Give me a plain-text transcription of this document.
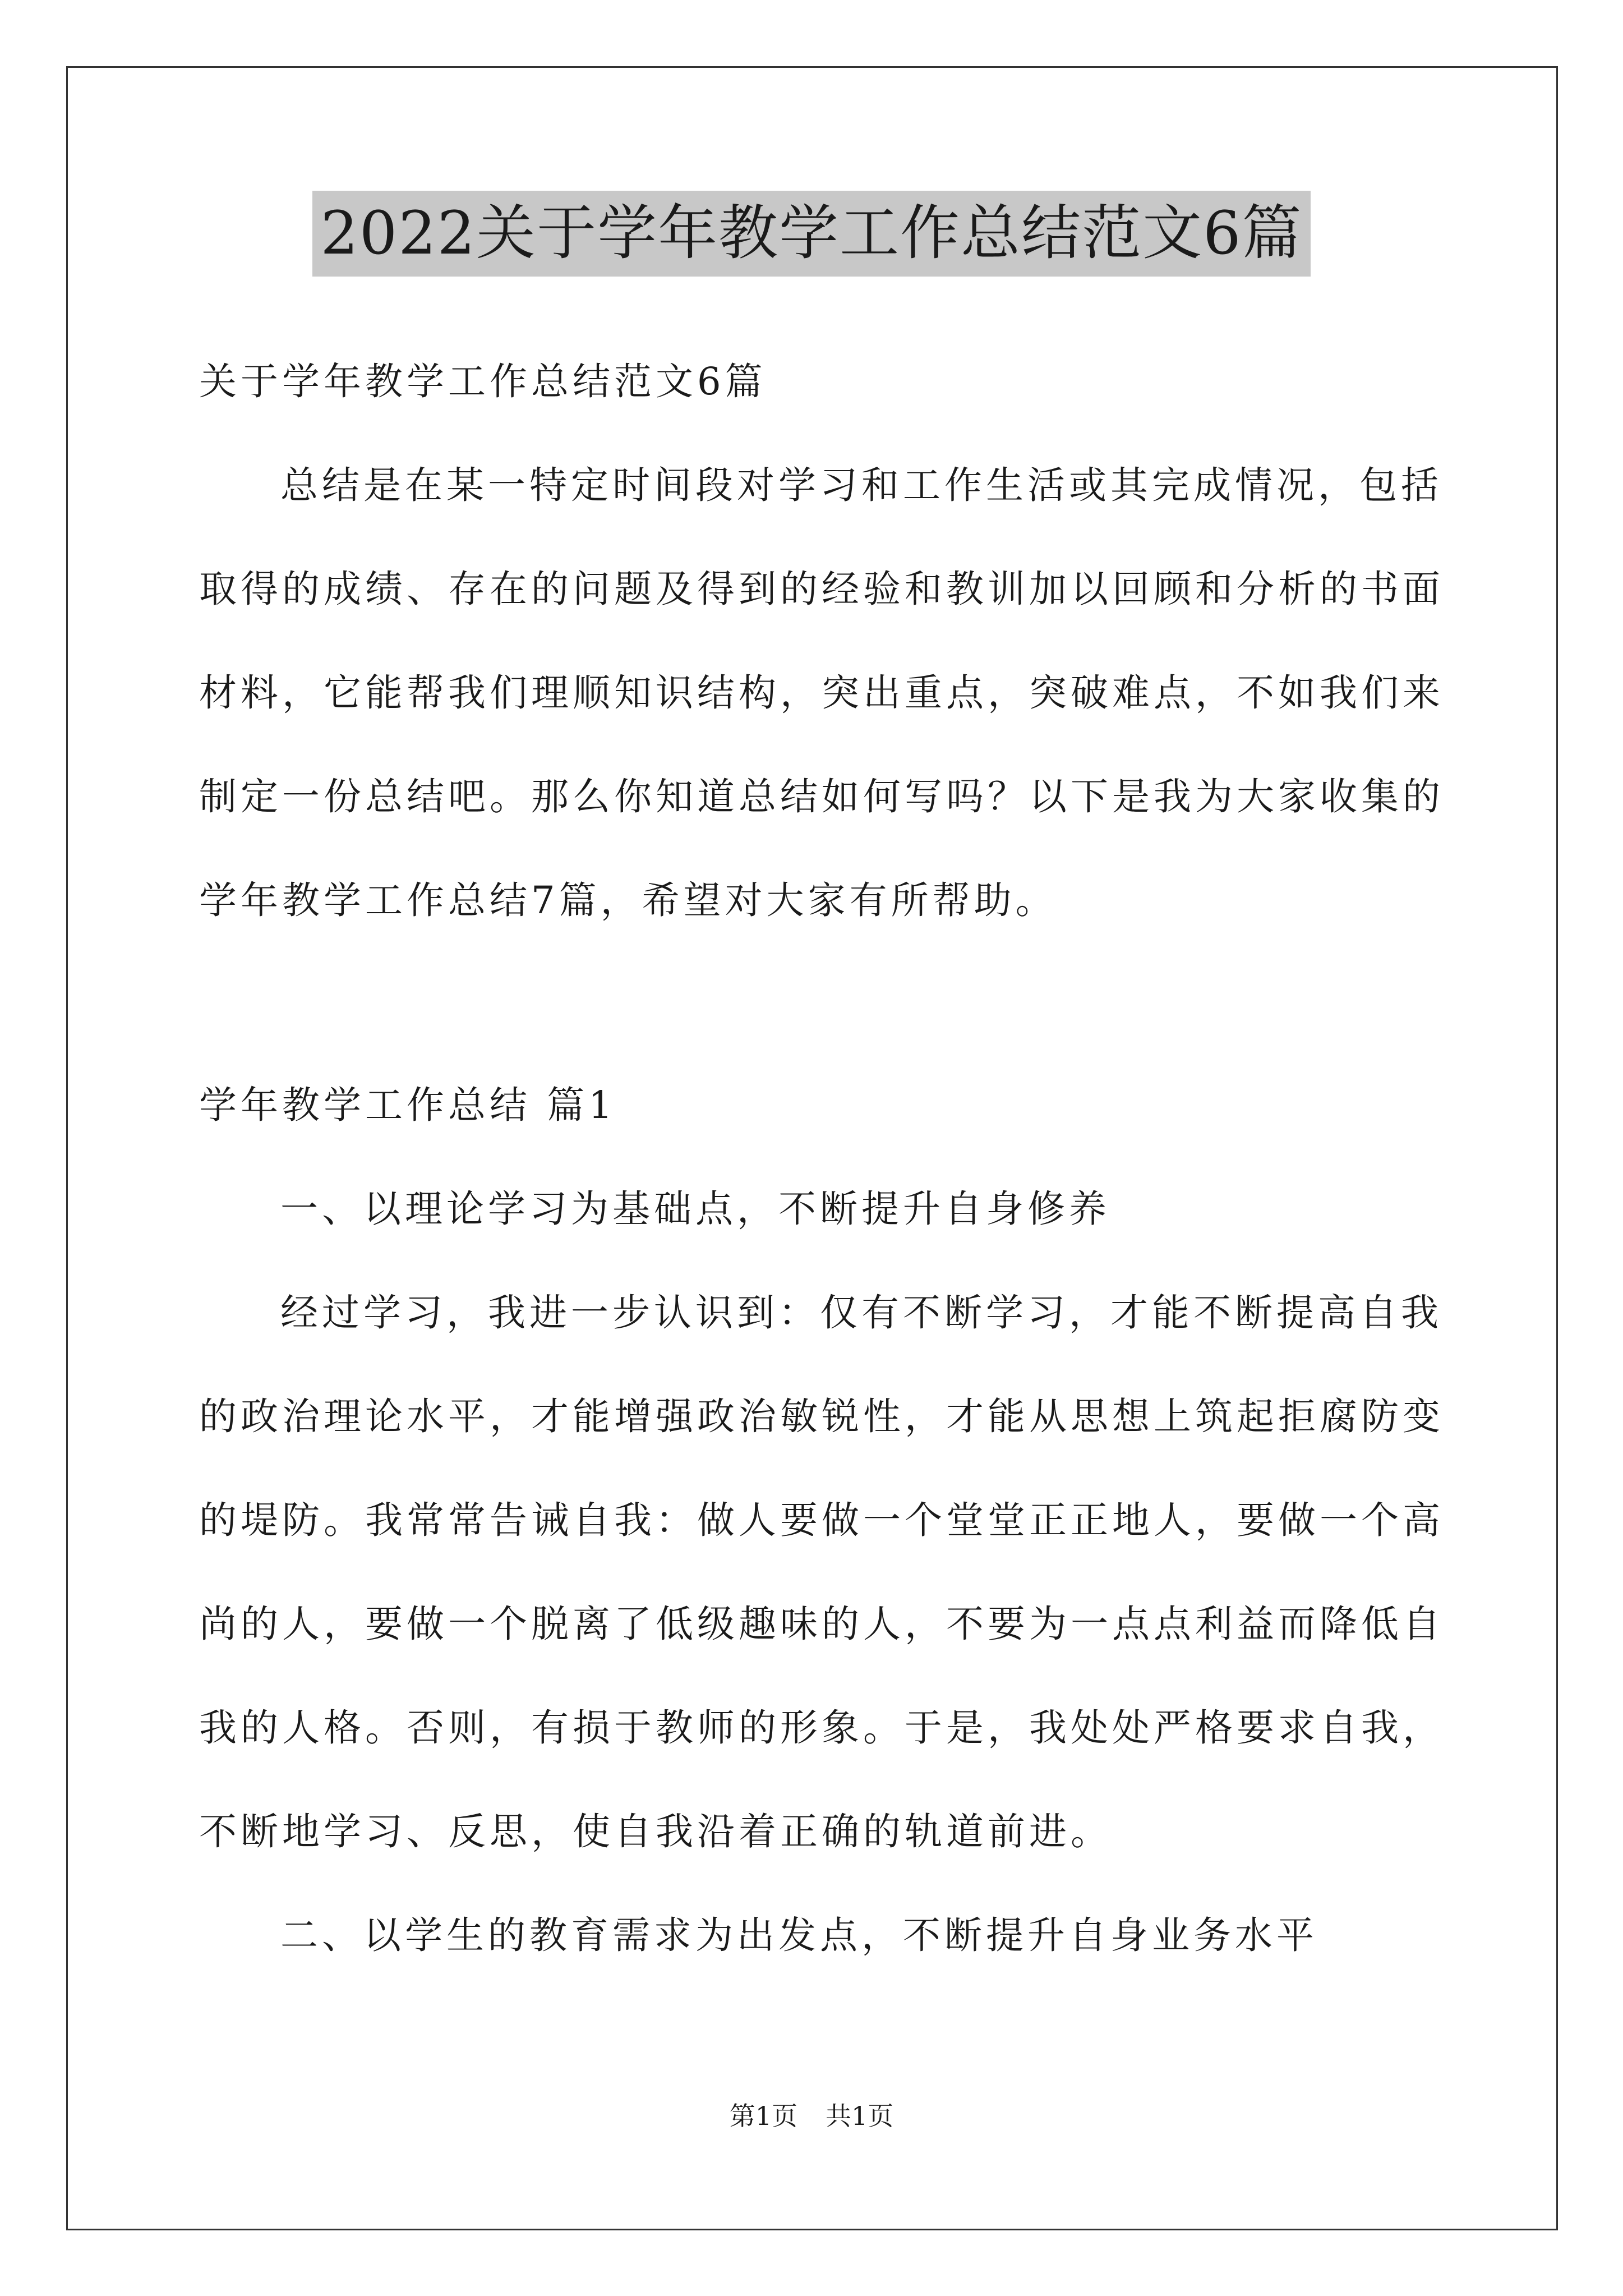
2022关于学年教学工作总结范文6篇
关于学年教学工作总结范文6篇
总结是在某一特定时间段对学习和工作生活或其完成情况，包括
取得的成绩、存在的问题及得到的经验和教训加以回顾和分析的书面
材料，它能帮我们理顺知识结构，突出重点，突破难点，不如我们来
制定一份总结吧。那么你知道总结如何写吗？以下是我为大家收集的
学年教学工作总结7篇，希望对大家有所帮助。
学年教学工作总结 篇1
一、以理论学习为基础点，不断提升自身修养
经过学习，我进一步认识到：仅有不断学习，才能不断提高自我
的政治理论水平，才能增强政治敏锐性，才能从思想上筑起拒腐防变
的堤防。我常常告诫自我：做人要做一个堂堂正正地人，要做一个高
尚的人，要做一个脱离了低级趣味的人，不要为一点点利益而降低自
我的人格。否则，有损于教师的形象。于是，我处处严格要求自我，
不断地学习、反思，使自我沿着正确的轨道前进。
二、以学生的教育需求为出发点，不断提升自身业务水平
第1页 共1页
